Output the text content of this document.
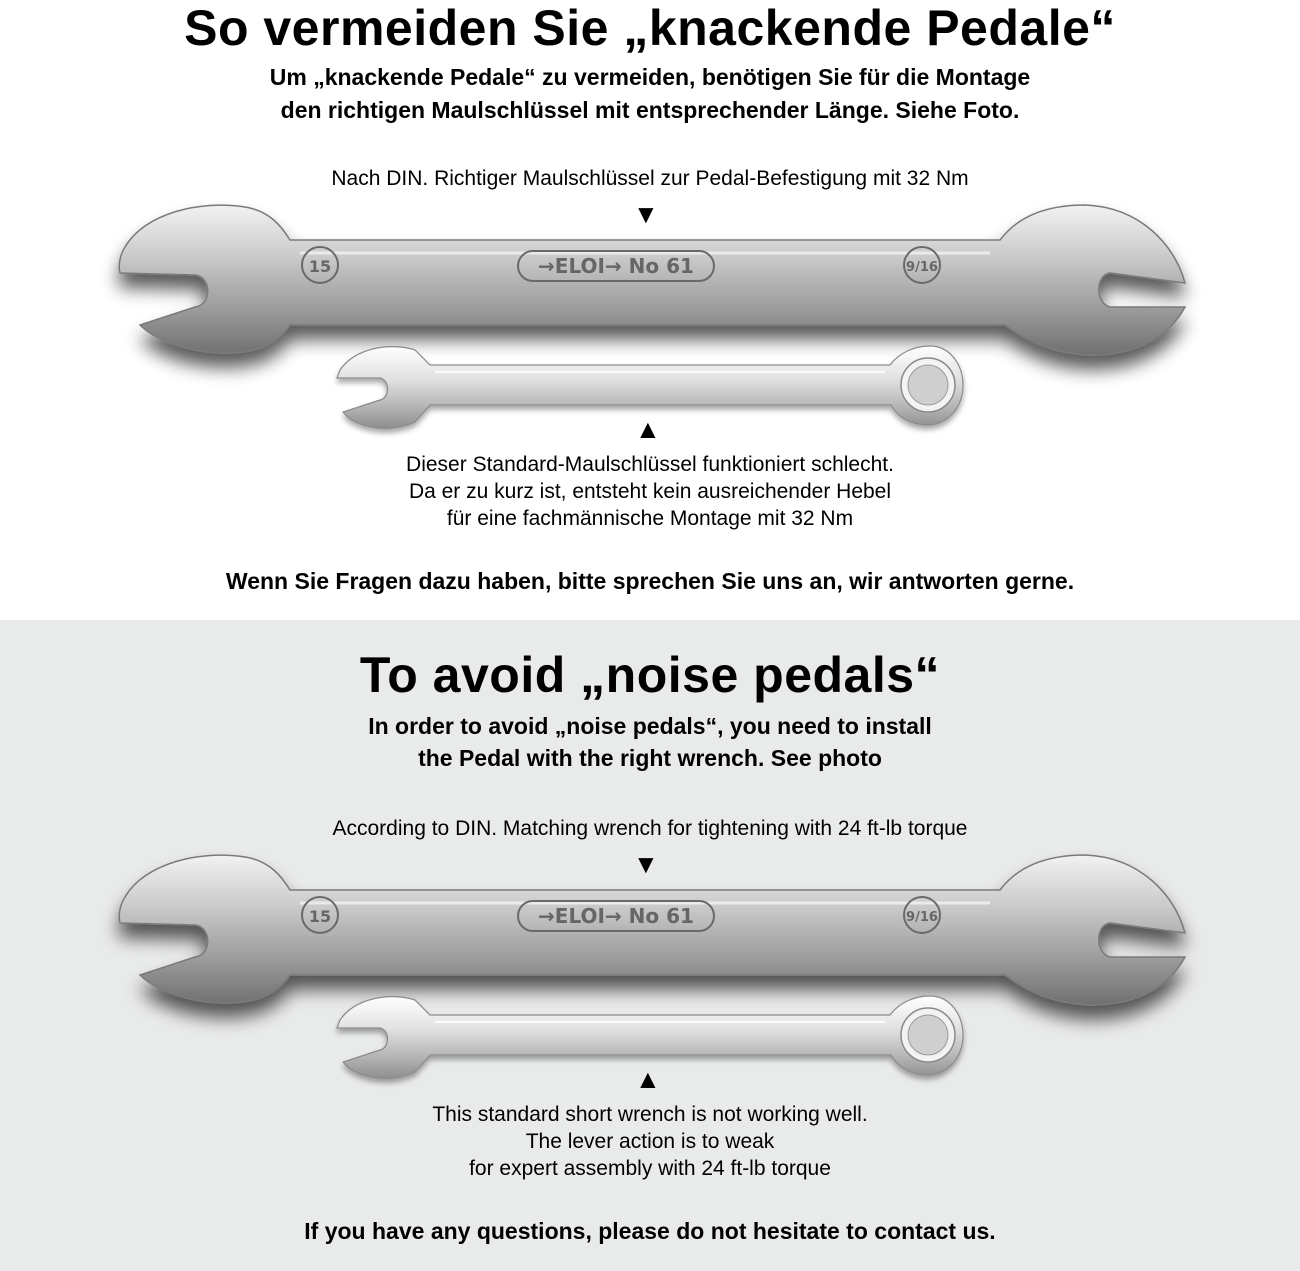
So vermeiden Sie „knackende Pedale“
Um „knackende Pedale“ zu vermeiden, benötigen Sie für die Montage
den richtigen Maulschlüssel mit entsprechender Länge. Siehe Foto.
Nach DIN. Richtiger Maulschlüssel zur Pedal-Befestigung mit 32 Nm
▼
→ELOI→ No 61
15	9/16
▲
Dieser Standard-Maulschlüssel funktioniert schlecht.
Da er zu kurz ist, entsteht kein ausreichender Hebel
für eine fachmännische Montage mit 32 Nm
Wenn Sie Fragen dazu haben, bitte sprechen Sie uns an, wir antworten gerne.
To avoid „noise pedals“
In order to avoid „noise pedals“, you need to install
the Pedal with the right wrench. See photo
According to DIN. Matching wrench for tightening with 24 ft-lb torque
▼
→ELOI→ No 61
15	9/16
▲
This standard short wrench is not working well.
The lever action is to weak
for expert assembly with 24 ft-lb torque
If you have any questions, please do not hesitate to contact us.
